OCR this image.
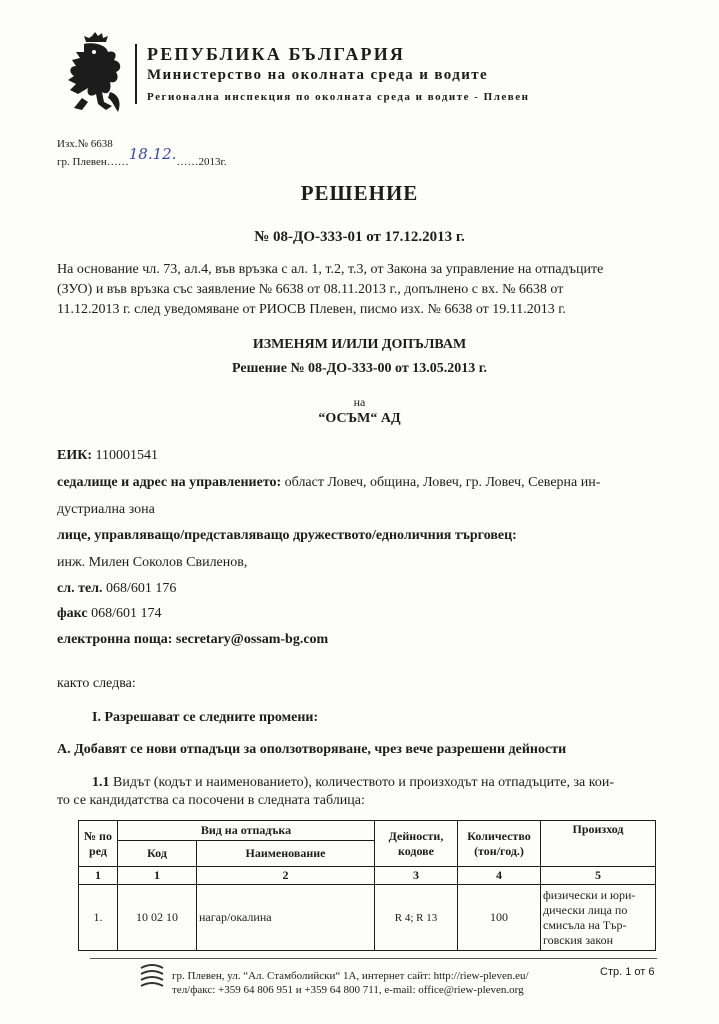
РЕПУБЛИКА БЪЛГАРИЯ
Министерство на околната среда и водите
Регионална инспекция по околната среда и водите - Плевен
Изх.№ 6638
гр. Плевен……18.12.……2013г.
РЕШЕНИЕ
№ 08-ДО-333-01 от 17.12.2013 г.
На основание чл. 73, ал.4, във връзка с ал. 1, т.2, т.3, от Закона за управление на отпадъците
(ЗУО) и във връзка със заявление № 6638 от 08.11.2013 г., допълнено с вх. № 6638 от
11.12.2013 г. след уведомяване от РИОСВ Плевен, писмо изх. № 6638 от 19.11.2013 г.
ИЗМЕНЯМ И/ИЛИ ДОПЪЛВАМ
Решение № 08-ДО-333-00 от 13.05.2013 г.
на
“ОСЪМ“ АД
ЕИК: 110001541
седалище и адрес на управлението: област Ловеч, община, Ловеч, гр. Ловеч, Северна ин-
дустриална зона
лице, управляващо/представляващо дружеството/едноличния търговец:
инж. Милен Соколов Свиленов,
сл. тел. 068/601 176
факс 068/601 174
електронна поща: secretary@ossam-bg.com
както следва:
I. Разрешават се следните промени:
А. Добавят се нови отпадъци за оползотворяване, чрез вече разрешени дейности
1.1 Видът (кодът и наименованието), количеството и произходът на отпадъците, за кои-
то се кандидатства са посочени в следната таблица:
№ по ред	Вид на отпадъка		Дейности, кодове	Количество (тон/год.)	Произход
	Код	Наименование			
1	1	2	3	4	5
1.	10 02 10	нагар/окалина	R 4; R 13	100	физически и юри-дически лица по смисъла на Тър-говския закон
гр. Плевен, ул. “Ал. Стамболийски“ 1А, интернет сайт: http://riew-pleven.eu/
тел/факс: +359 64 806 951 и +359 64 800 711, e-mail: office@riew-pleven.org
Стр. 1 от 6
